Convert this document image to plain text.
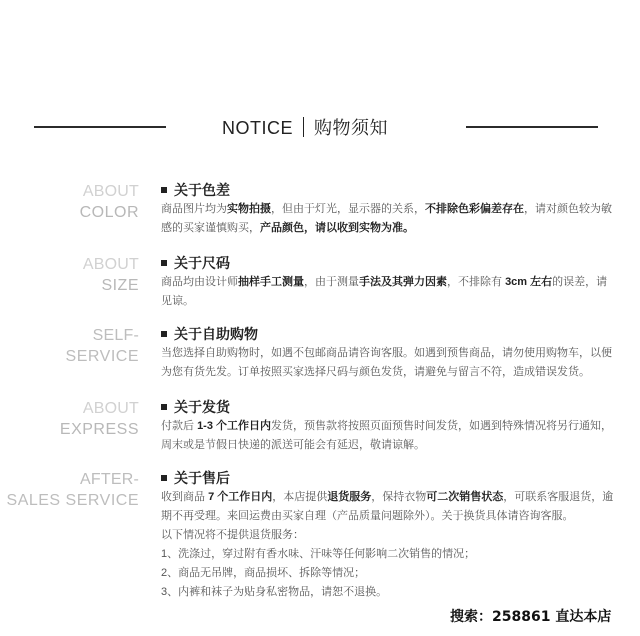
NOTICE 购物须知
ABOUT
COLOR
ABOUT
SIZE
SELF-
SERVICE
ABOUT
EXPRESS
AFTER-
SALES SERVICE
关于色差
商品图片均为实物拍摄，但由于灯光，显示器的关系，不排除色彩偏差存在，请对颜色较为敏
感的买家谨慎购买，产品颜色，请以收到实物为准。
关于尺码
商品均由设计师抽样手工测量，由于测量手法及其弹力因素，不排除有 3cm 左右的误差，请
见谅。
关于自助购物
当您选择自助购物时，如遇不包邮商品请咨询客服。如遇到预售商品，请勿使用购物车，以便
为您有货先发。订单按照买家选择尺码与颜色发货，请避免与留言不符，造成错误发货。
关于发货
付款后 1-3 个工作日内发货，预售款将按照页面预售时间发货，如遇到特殊情况将另行通知，
周末或是节假日快递的派送可能会有延迟，敬请谅解。
关于售后
收到商品 7 个工作日内，本店提供退货服务，保持衣物可二次销售状态，可联系客服退货，逾
期不再受理。来回运费由买家自理（产品质量问题除外）。关于换货具体请咨询客服。
以下情况将不提供退货服务：
1、洗涤过，穿过附有香水味、汗味等任何影响二次销售的情况；
2、商品无吊牌，商品损坏、拆除等情况；
3、内裤和袜子为贴身私密物品，请恕不退换。
搜索：258861 直达本店
